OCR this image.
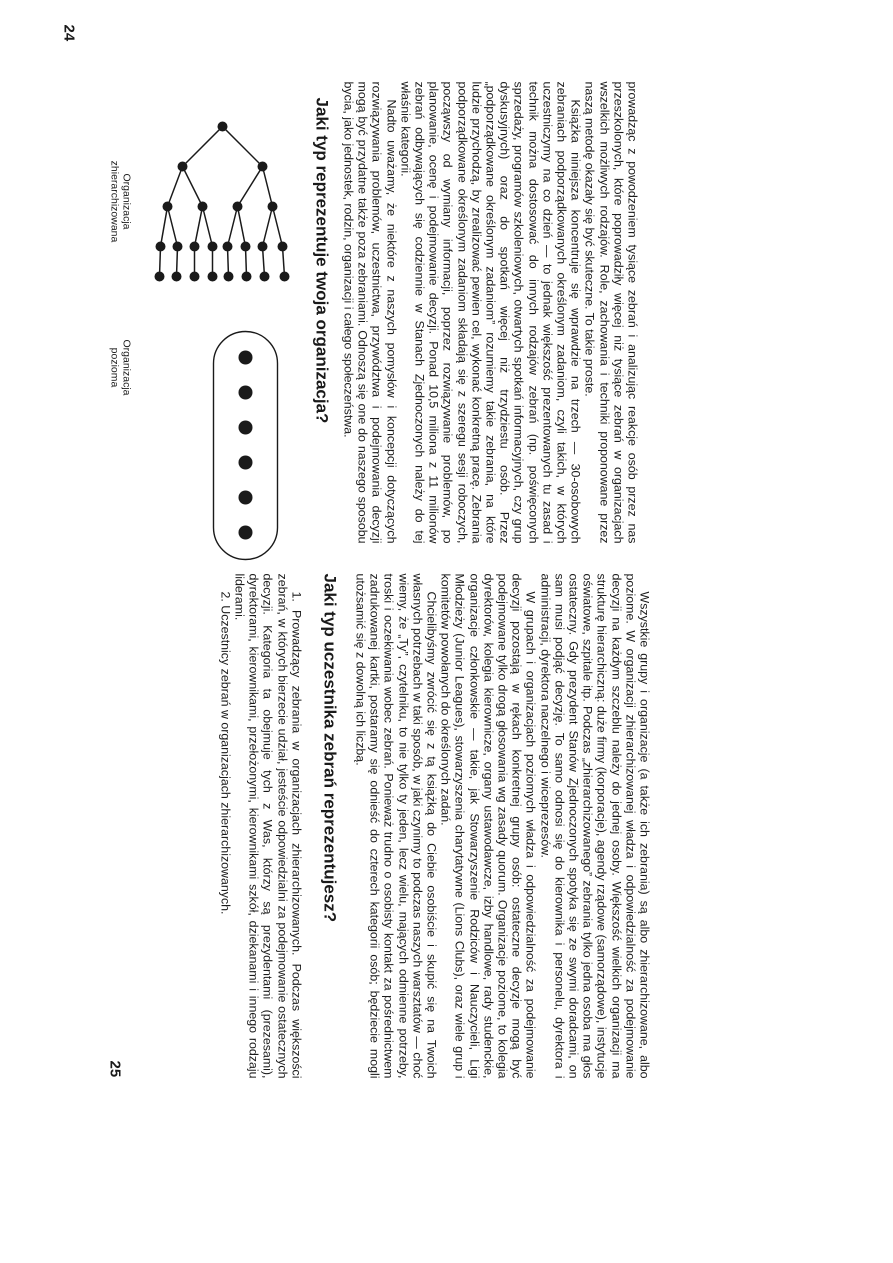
prowadząc z powodzeniem tysiące zebrań i analizując reakcje osób przez nas przeszkolonych, które poprowadziły więcej niż tysiące zebrań w organizacjach wszelkich możliwych rodzajów. Role, zachowania i techniki proponowane przez naszą metodę okazały się być skuteczne. To takie proste.

Książka niniejsza koncentruje się wprawdzie na trzech — 30-osobowych zebraniach podporządkowanych określonym zadaniom, czyli takich, w których uczestniczymy na co dzień — to jednak większość prezentowanych tu zasad i technik można dostosować do innych rodzajów zebrań (np. poświęconych sprzedaży, programów szkoleniowych, otwartych spotkań informacyjnych, czy grup dyskusyjnych) oraz do spotkań więcej niż trzydziestu osób. Przez „podporządkowane określonym zadaniom” rozumiemy takie zebrania, na które ludzie przychodzą, by zrealizować pewien cel, wykonać konkretną pracę. Zebrania podporządkowane określonym zadaniom składają się z szeregu sesji roboczych, począwszy od wymiany informacji, poprzez rozwiązywanie problemów, po planowanie, ocenę i podejmowanie decyzji. Ponad 10,5 miliona z 11 milionów zebrań odbywających się codziennie w Stanach Zjednoczonych należy do tej właśnie kategorii.

Nadto uważamy, że niektóre z naszych pomysłów i koncepcji dotyczących rozwiązywania problemów, uczestnictwa, przywództwa i podejmowania decyzji mogą być przydatne także poza zebraniami. Odnoszą się one do naszego sposobu bycia, jako jednostek, rodzin, organizacji i całego społeczeństwa.

Jaki typ reprezentuje twoja organizacja?
Organizacja zhierarchizowana
Organizacja pozioma
24

Wszystkie grupy i organizacje (a także ich zebrania) są albo zhierarchizowane, albo poziome. W organizacji zhierarchizowanej władza i odpowiedzialność za podejmowanie decyzji na każdym szczeblu należy do jednej osoby. Większość wielkich organizacji ma strukturę hierarchiczną: duże firmy (korporacje), agendy rządowe (samorządowe), instytucje oświatowe, szpitale itp. Podczas „zhierarchizowanego” zebrania tylko jedna osoba ma głos ostateczny. Gdy prezydent Stanów Zjednoczonych spotyka się ze swymi doradcami, on sam musi podjąć decyzję. To samo odnosi się do kierownika i personelu, dyrektora i administracji, dyrektora naczelnego i wiceprezesów.

W grupach i organizacjach poziomych władza i odpowiedzialność za podejmowanie decyzji pozostają w rękach konkretnej grupy osób: ostateczne decyzje mogą być podejmowane tylko drogą głosowania wg zasady quorum. Organizacje poziome, to kolegia dyrektorów, kolegia kierownicze, organy ustawodawcze, izby handlowe, rady studenckie, organizacje członkowskie — takie, jak Stowarzyszenie Rodziców i Nauczycieli, Ligi Młodzieży (Junior Leagues), stowarzyszenia charytatywne (Lions Clubs), oraz wiele grup i komitetów powołanych do określonych zadań.

Chcielibyśmy zwrócić się z tą książką do Ciebie osobiście i skupić się na Twoich własnych potrzebach w taki sposób, w jaki czynimy to podczas naszych warsztatów — choć wiemy, że „Ty”, czytelniku, to nie tylko ty jeden, lecz wielu, mających odmienne potrzeby, troski i oczekiwania wobec zebrań. Ponieważ trudno o osobisty kontakt za pośrednictwem zadrukowanej kartki, postaramy się odnieść do czterech kategorii osób; będziecie mogli utożsamić się z dowolną ich liczbą.

Jaki typ uczestnika zebrań reprezentujesz?

1. Prowadzący zebrania w organizacjach zhierarchizowanych. Podczas większości zebrań, w których bierzecie udział, jesteście odpowiedzialni za podejmowanie ostatecznych decyzji. Kategoria ta obejmuje tych z Was, którzy są prezydentami (prezesami), dyrektorami, kierownikami, przełożonymi, kierownikami szkół, dziekanami i innego rodzaju liderami.

2. Uczestnicy zebrań w organizacjach zhierarchizowanych.

25
